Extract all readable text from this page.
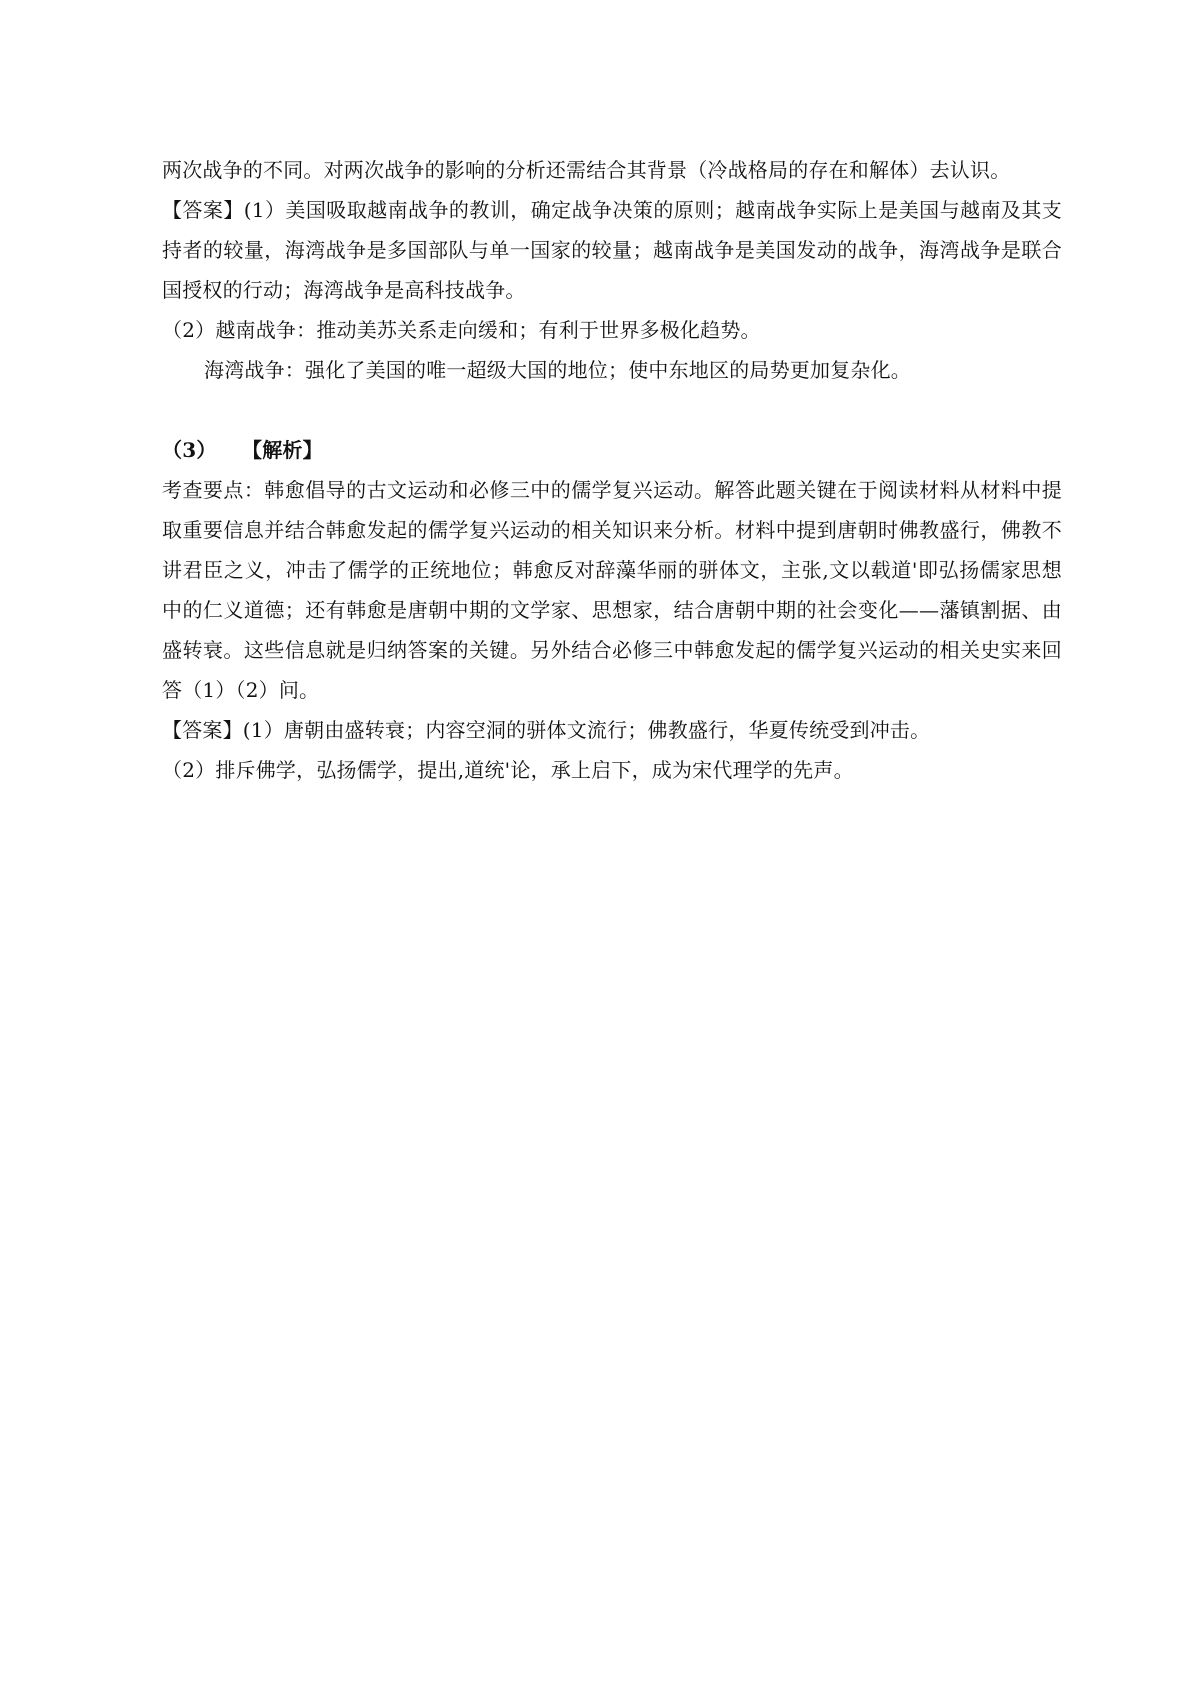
两次战争的不同。对两次战争的影响的分析还需结合其背景（冷战格局的存在和解体）去认识。

【答案】(1）美国吸取越南战争的教训，确定战争决策的原则；越南战争实际上是美国与越南及其支持者的较量，海湾战争是多国部队与单一国家的较量；越南战争是美国发动的战争，海湾战争是联合国授权的行动；海湾战争是高科技战争。

（2）越南战争：推动美苏关系走向缓和；有利于世界多极化趋势。

海湾战争：强化了美国的唯一超级大国的地位；使中东地区的局势更加复杂化。

（3） 【解析】

考查要点：韩愈倡导的古文运动和必修三中的儒学复兴运动。解答此题关键在于阅读材料从材料中提取重要信息并结合韩愈发起的儒学复兴运动的相关知识来分析。材料中提到唐朝时佛教盛行，佛教不讲君臣之义，冲击了儒学的正统地位；韩愈反对辞藻华丽的骈体文，主张,文以载道'即弘扬儒家思想中的仁义道德；还有韩愈是唐朝中期的文学家、思想家，结合唐朝中期的社会变化——藩镇割据、由盛转衰。这些信息就是归纳答案的关键。另外结合必修三中韩愈发起的儒学复兴运动的相关史实来回答（1）（2）问。

【答案】(1）唐朝由盛转衰；内容空洞的骈体文流行；佛教盛行，华夏传统受到冲击。

（2）排斥佛学，弘扬儒学，提出,道统'论，承上启下，成为宋代理学的先声。
